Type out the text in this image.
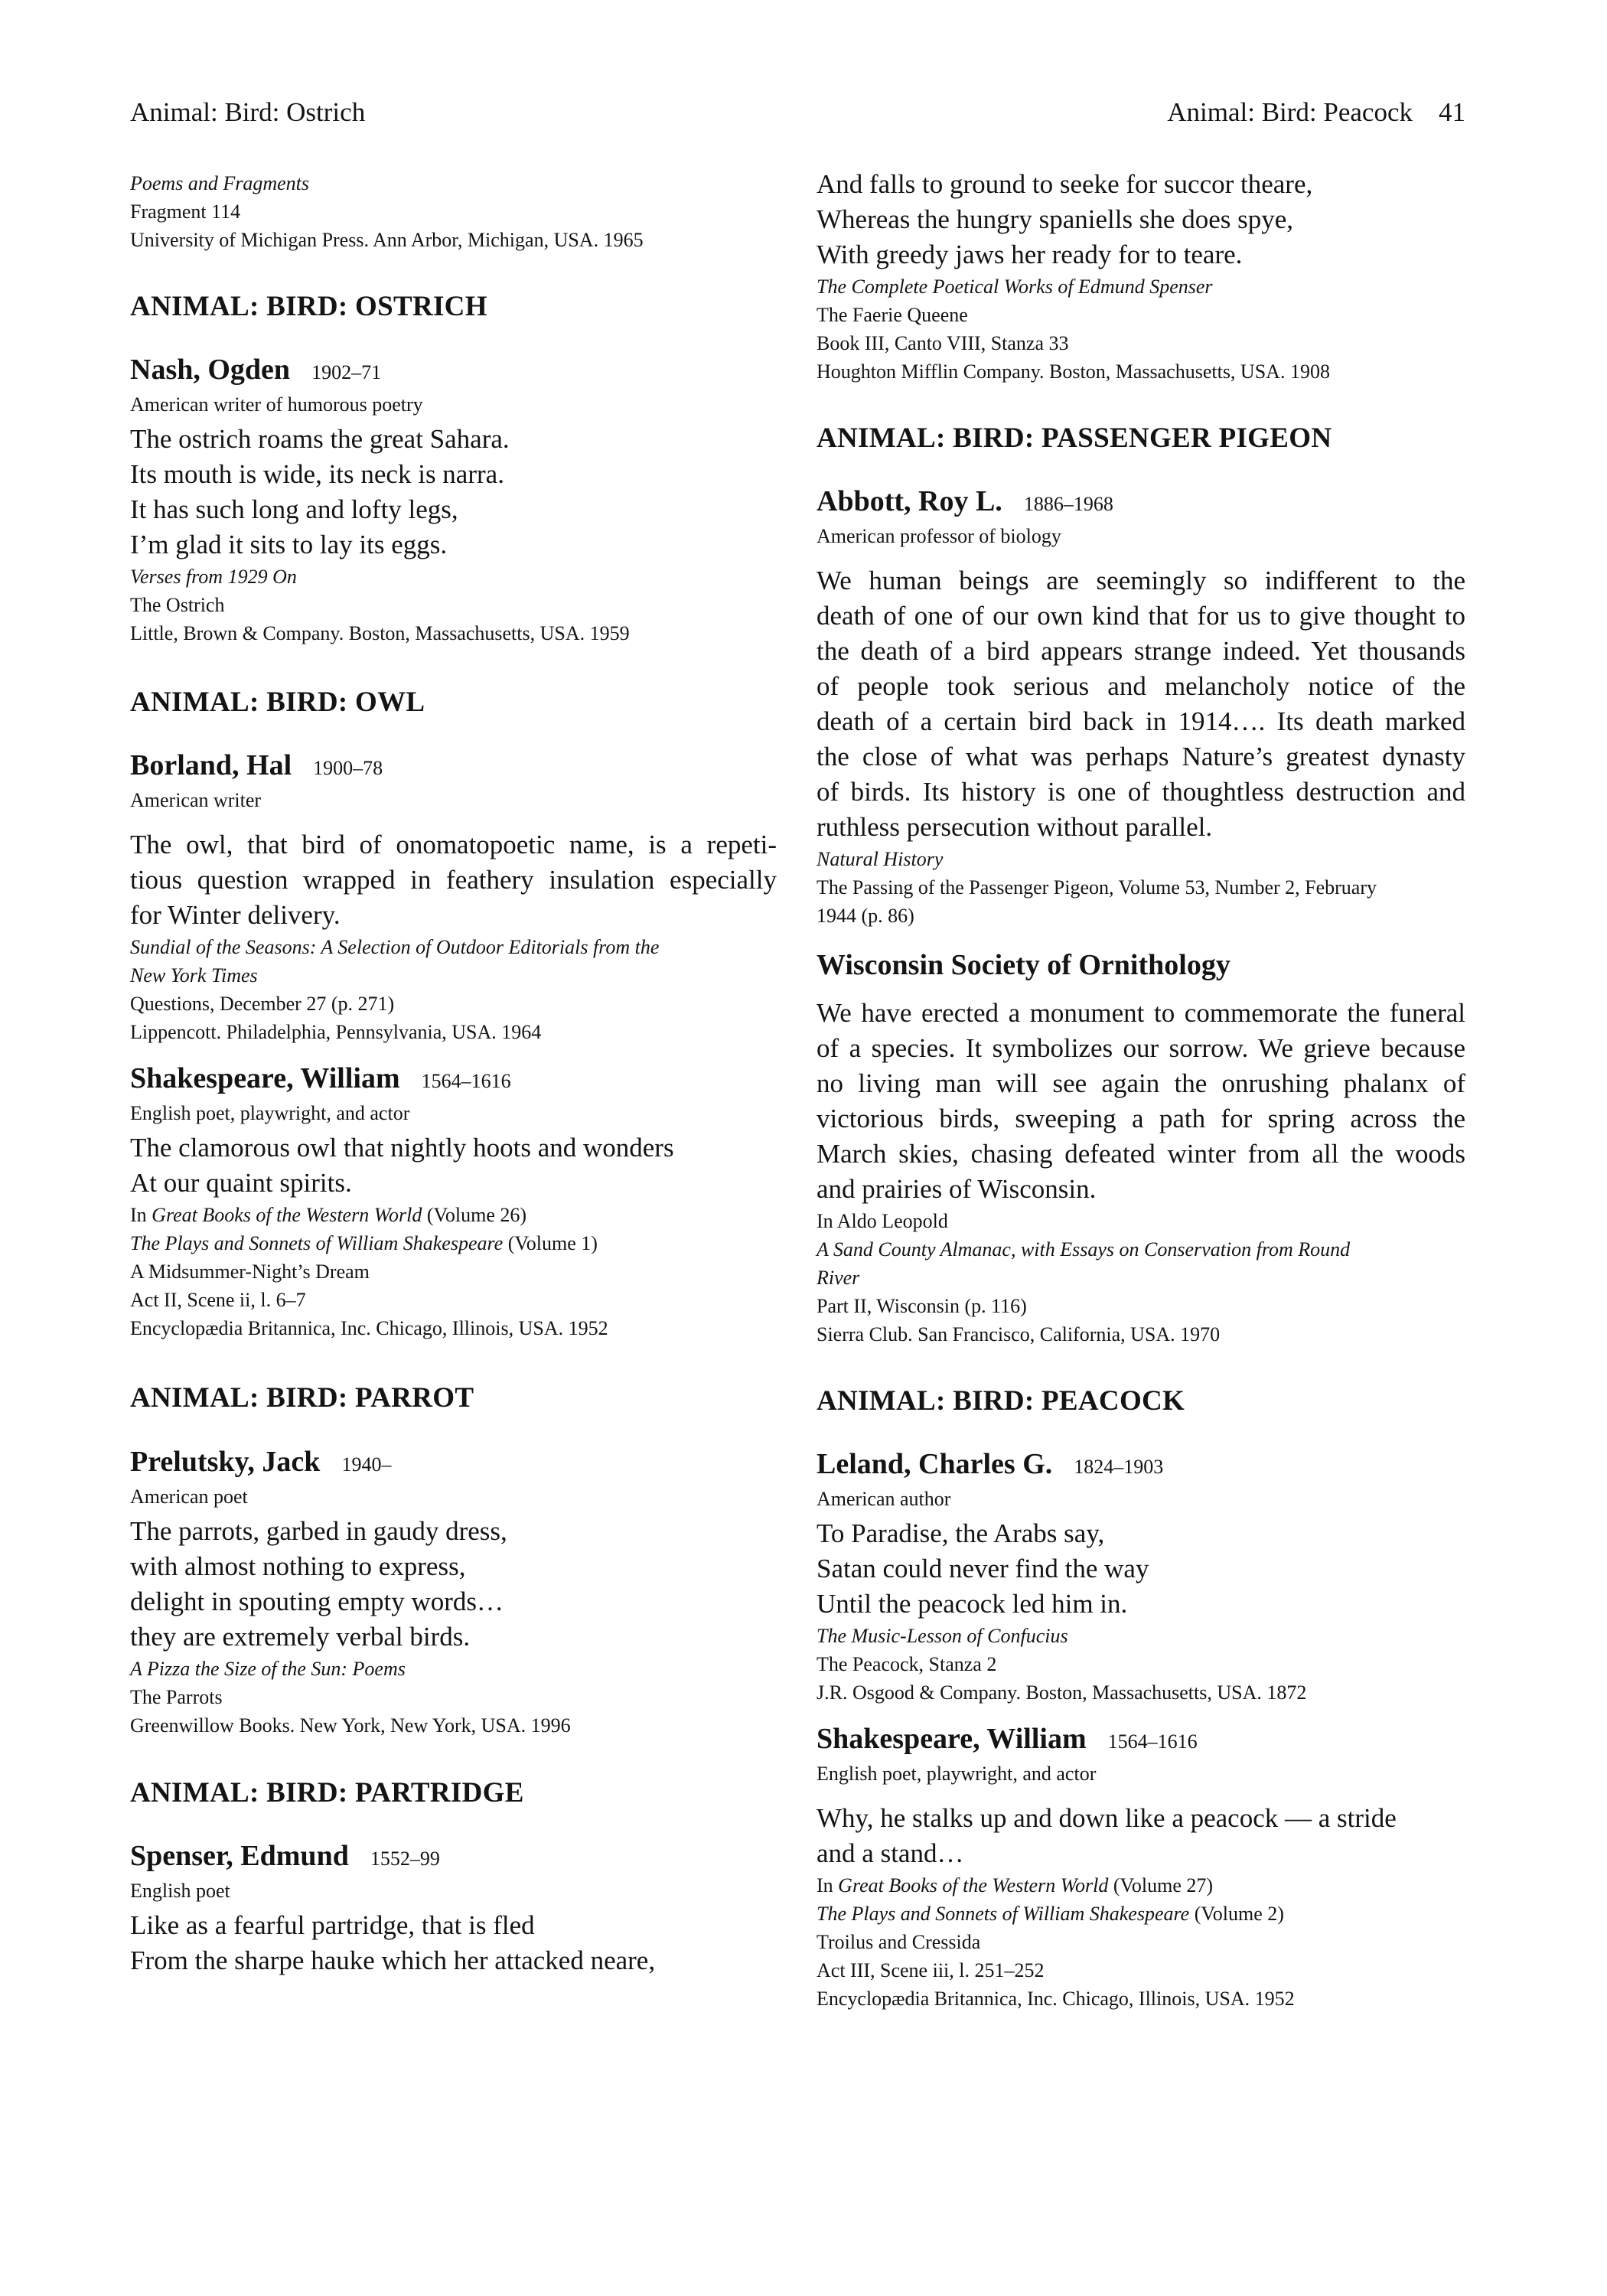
Animal: Bird: Ostrich	Animal: Bird: Peacock 41
Poems and Fragments
Fragment 114
University of Michigan Press. Ann Arbor, Michigan, USA. 1965
ANIMAL: BIRD: OSTRICH
Nash, Ogden 1902–71
American writer of humorous poetry
The ostrich roams the great Sahara.
Its mouth is wide, its neck is narra.
It has such long and lofty legs,
I’m glad it sits to lay its eggs.
Verses from 1929 On
The Ostrich
Little, Brown & Company. Boston, Massachusetts, USA. 1959
ANIMAL: BIRD: OWL
Borland, Hal 1900–78
American writer
The owl, that bird of onomatopoetic name, is a repeti-
tious question wrapped in feathery insulation especially
for Winter delivery.
Sundial of the Seasons: A Selection of Outdoor Editorials from the
New York Times
Questions, December 27 (p. 271)
Lippencott. Philadelphia, Pennsylvania, USA. 1964
Shakespeare, William 1564–1616
English poet, playwright, and actor
The clamorous owl that nightly hoots and wonders
At our quaint spirits.
In Great Books of the Western World (Volume 26)
The Plays and Sonnets of William Shakespeare (Volume 1)
A Midsummer-Night’s Dream
Act II, Scene ii, l. 6–7
Encyclopædia Britannica, Inc. Chicago, Illinois, USA. 1952
ANIMAL: BIRD: PARROT
Prelutsky, Jack 1940–
American poet
The parrots, garbed in gaudy dress,
with almost nothing to express,
delight in spouting empty words…
they are extremely verbal birds.
A Pizza the Size of the Sun: Poems
The Parrots
Greenwillow Books. New York, New York, USA. 1996
ANIMAL: BIRD: PARTRIDGE
Spenser, Edmund 1552–99
English poet
Like as a fearful partridge, that is fled
From the sharpe hauke which her attacked neare,
And falls to ground to seeke for succor theare,
Whereas the hungry spaniells she does spye,
With greedy jaws her ready for to teare.
The Complete Poetical Works of Edmund Spenser
The Faerie Queene
Book III, Canto VIII, Stanza 33
Houghton Mifflin Company. Boston, Massachusetts, USA. 1908
ANIMAL: BIRD: PASSENGER PIGEON
Abbott, Roy L. 1886–1968
American professor of biology
We human beings are seemingly so indifferent to the
death of one of our own kind that for us to give thought to
the death of a bird appears strange indeed. Yet thousands
of people took serious and melancholy notice of the
death of a certain bird back in 1914…. Its death marked
the close of what was perhaps Nature’s greatest dynasty
of birds. Its history is one of thoughtless destruction and
ruthless persecution without parallel.
Natural History
The Passing of the Passenger Pigeon, Volume 53, Number 2, February
1944 (p. 86)
Wisconsin Society of Ornithology
We have erected a monument to commemorate the funeral
of a species. It symbolizes our sorrow. We grieve because
no living man will see again the onrushing phalanx of
victorious birds, sweeping a path for spring across the
March skies, chasing defeated winter from all the woods
and prairies of Wisconsin.
In Aldo Leopold
A Sand County Almanac, with Essays on Conservation from Round
River
Part II, Wisconsin (p. 116)
Sierra Club. San Francisco, California, USA. 1970
ANIMAL: BIRD: PEACOCK
Leland, Charles G. 1824–1903
American author
To Paradise, the Arabs say,
Satan could never find the way
Until the peacock led him in.
The Music-Lesson of Confucius
The Peacock, Stanza 2
J.R. Osgood & Company. Boston, Massachusetts, USA. 1872
Shakespeare, William 1564–1616
English poet, playwright, and actor
Why, he stalks up and down like a peacock — a stride
and a stand…
In Great Books of the Western World (Volume 27)
The Plays and Sonnets of William Shakespeare (Volume 2)
Troilus and Cressida
Act III, Scene iii, l. 251–252
Encyclopædia Britannica, Inc. Chicago, Illinois, USA. 1952
